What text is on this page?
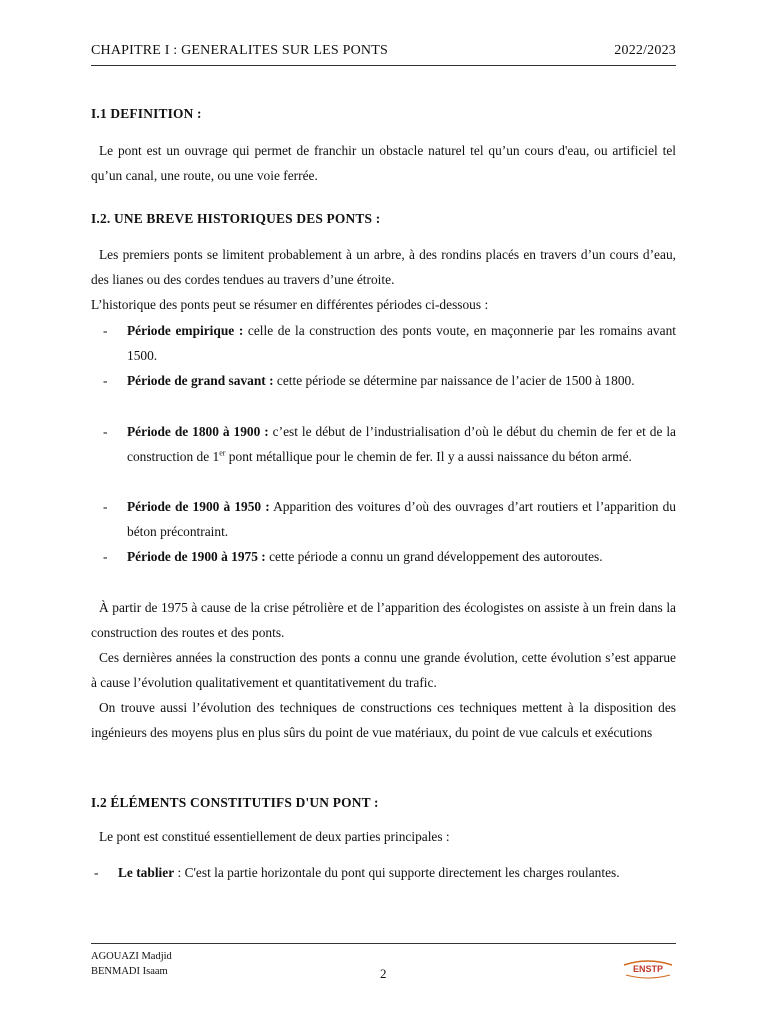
CHAPITRE I : GENERALITES SUR LES PONTS	2022/2023
I.1 DEFINITION :
Le pont est un ouvrage qui permet de franchir un obstacle naturel tel qu’un cours d'eau, ou artificiel tel qu’un canal, une route, ou une voie ferrée.
I.2. UNE BREVE HISTORIQUES DES PONTS :
Les premiers ponts se limitent probablement à un arbre, à des rondins placés en travers d’un cours d’eau, des lianes ou des cordes tendues au travers d’une étroite.
L’historique des ponts peut se résumer en différentes périodes ci-dessous :
- Période empirique : celle de la construction des ponts voute, en maçonnerie par les romains avant 1500.
- Période de grand savant : cette période se détermine par naissance de l’acier de 1500 à 1800.
- Période de 1800 à 1900 : c’est le début de l’industrialisation d’où le début du chemin de fer et de la construction de 1er pont métallique pour le chemin de fer. Il y a aussi naissance du béton armé.
- Période de 1900 à 1950 : Apparition des voitures d’où des ouvrages d’art routiers et l’apparition du béton précontraint.
- Période de 1900 à 1975 : cette période a connu un grand développement des autoroutes.
À partir de 1975 à cause de la crise pétrolière et de l’apparition des écologistes on assiste à un frein dans la construction des routes et des ponts.
Ces dernières années la construction des ponts a connu une grande évolution, cette évolution s’est apparue à cause l’évolution qualitativement et quantitativement du trafic.
On trouve aussi l’évolution des techniques de constructions ces techniques mettent à la disposition des ingénieurs des moyens plus en plus sûrs du point de vue matériaux, du point de vue calculs et exécutions
I.2 ÉLÉMENTS CONSTITUTIFS D'UN PONT :
Le pont est constitué essentiellement de deux parties principales :
- Le tablier : C'est la partie horizontale du pont qui supporte directement les charges roulantes.
AGOUAZI Madjid
BENMADI Isaam	2	ENSTP
